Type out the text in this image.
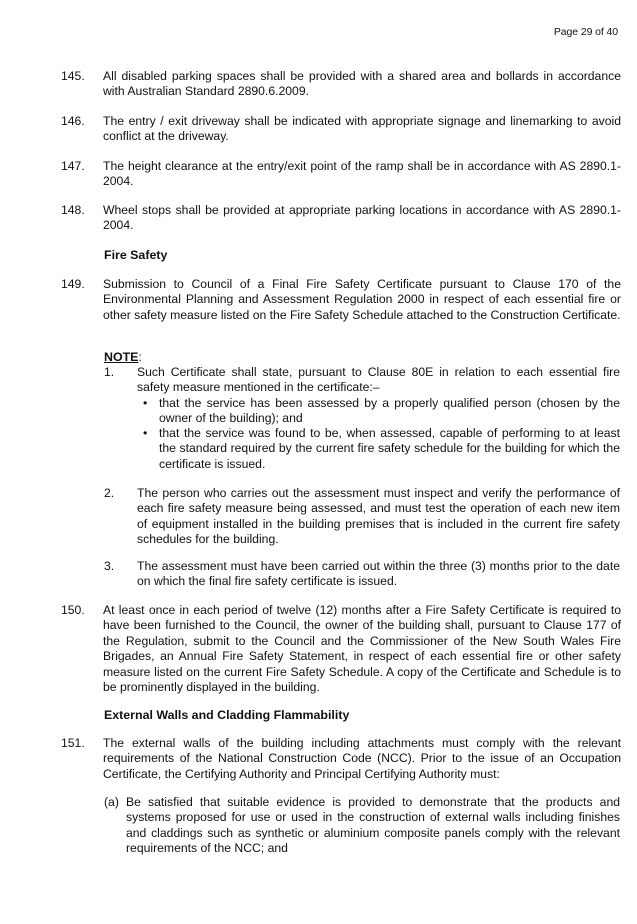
Page 29 of 40
145.	All disabled parking spaces shall be provided with a shared area and bollards in accordance with Australian Standard 2890.6.2009.
146.	The entry / exit driveway shall be indicated with appropriate signage and linemarking to avoid conflict at the driveway.
147.	The height clearance at the entry/exit point of the ramp shall be in accordance with AS 2890.1-2004.
148.	Wheel stops shall be provided at appropriate parking locations in accordance with AS 2890.1-2004.
Fire Safety
149.	Submission to Council of a Final Fire Safety Certificate pursuant to Clause 170 of the Environmental Planning and Assessment Regulation 2000 in respect of each essential fire or other safety measure listed on the Fire Safety Schedule attached to the Construction Certificate.
NOTE:
1.	Such Certificate shall state, pursuant to Clause 80E in relation to each essential fire safety measure mentioned in the certificate:–
• that the service has been assessed by a properly qualified person (chosen by the owner of the building); and
• that the service was found to be, when assessed, capable of performing to at least the standard required by the current fire safety schedule for the building for which the certificate is issued.
2.	The person who carries out the assessment must inspect and verify the performance of each fire safety measure being assessed, and must test the operation of each new item of equipment installed in the building premises that is included in the current fire safety schedules for the building.
3.	The assessment must have been carried out within the three (3) months prior to the date on which the final fire safety certificate is issued.
150.	At least once in each period of twelve (12) months after a Fire Safety Certificate is required to have been furnished to the Council, the owner of the building shall, pursuant to Clause 177 of the Regulation, submit to the Council and the Commissioner of the New South Wales Fire Brigades, an Annual Fire Safety Statement, in respect of each essential fire or other safety measure listed on the current Fire Safety Schedule. A copy of the Certificate and Schedule is to be prominently displayed in the building.
External Walls and Cladding Flammability
151.	The external walls of the building including attachments must comply with the relevant requirements of the National Construction Code (NCC). Prior to the issue of an Occupation Certificate, the Certifying Authority and Principal Certifying Authority must:
(a) Be satisfied that suitable evidence is provided to demonstrate that the products and systems proposed for use or used in the construction of external walls including finishes and claddings such as synthetic or aluminium composite panels comply with the relevant requirements of the NCC; and
